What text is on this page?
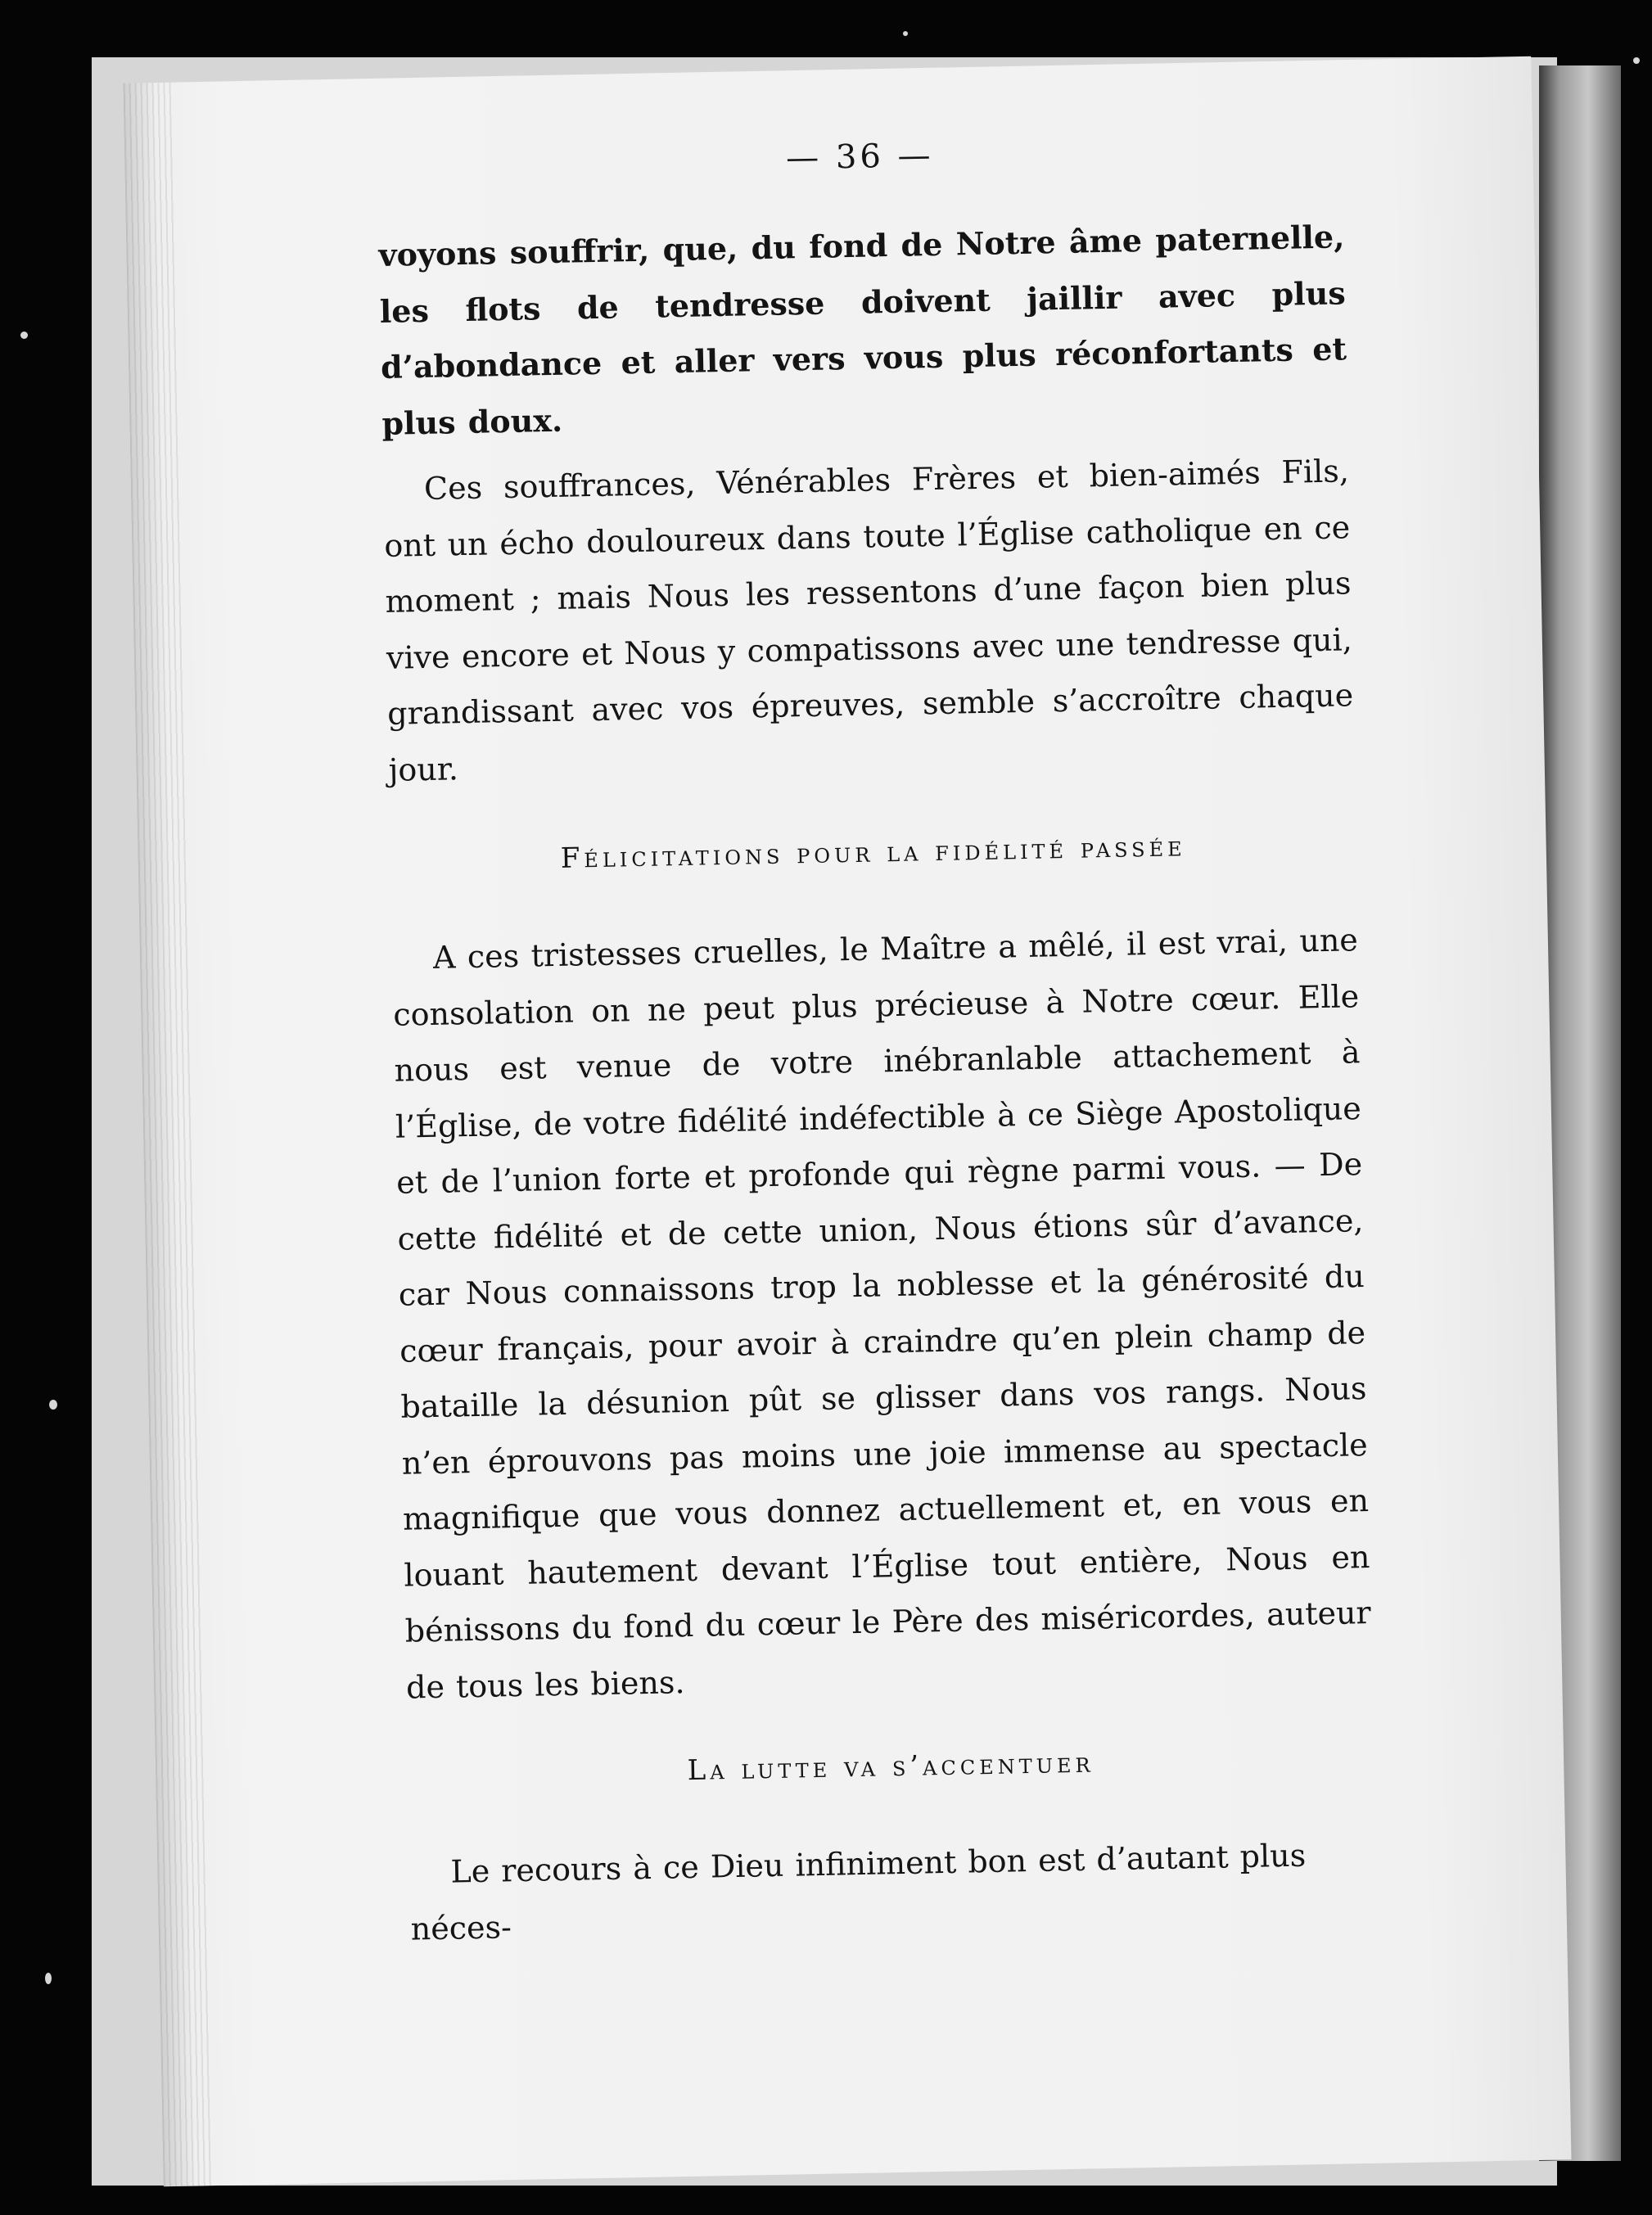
— 36 —

voyons souffrir, que, du fond de Notre âme paternelle, les flots de tendresse doivent jaillir avec plus d’abondance et aller vers vous plus réconfortants et plus doux.

Ces souffrances, Vénérables Frères et bien-aimés Fils, ont un écho douloureux dans toute l’Église catholique en ce moment ; mais Nous les ressentons d’une façon bien plus vive encore et Nous y compatissons avec une tendresse qui, grandissant avec vos épreuves, semble s’accroître chaque jour.

Félicitations pour la fidélité passée

A ces tristesses cruelles, le Maître a mêlé, il est vrai, une consolation on ne peut plus précieuse à Notre cœur. Elle nous est venue de votre inébranlable attachement à l’Église, de votre fidélité indéfectible à ce Siège Apostolique et de l’union forte et profonde qui règne parmi vous. — De cette fidélité et de cette union, Nous étions sûr d’avance, car Nous connaissons trop la noblesse et la générosité du cœur français, pour avoir à craindre qu’en plein champ de bataille la désunion pût se glisser dans vos rangs. Nous n’en éprouvons pas moins une joie immense au spectacle magnifique que vous donnez actuellement et, en vous en louant hautement devant l’Église tout entière, Nous en bénissons du fond du cœur le Père des miséricordes, auteur de tous les biens.

La lutte va s’accentuer

Le recours à ce Dieu infiniment bon est d’autant plus néces-
